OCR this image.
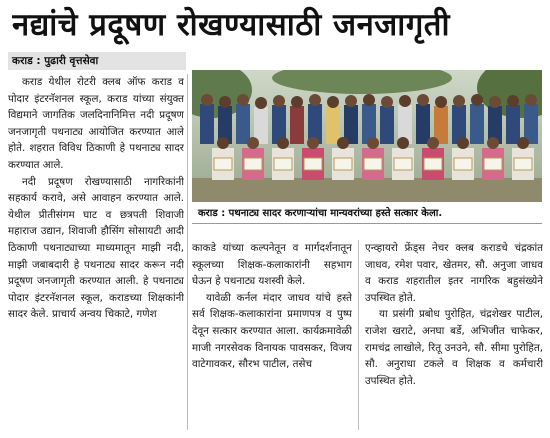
नद्यांचे प्रदूषण रोखण्यासाठी जनजागृती
कराड : पुढारी वृत्तसेवा

कराड येथील रोटरी क्लब ऑफ कराड व पोदार इंटरनॅशनल स्कूल, कराड यांच्या संयुक्त विद्यमाने जागतिक जलदिनानिमित्त नदी प्रदूषण जनजागृती पथनाट्य आयोजित करण्यात आले होते. शहरात विविध ठिकाणी हे पथनाट्य सादर करण्यात आले.

नदी प्रदूषण रोखण्यासाठी नागरिकांनी सहकार्य करावे, असे आवाहन करण्यात आले. येथील प्रीतीसंगम घाट व छत्रपती शिवाजी महाराज उद्यान, शिवाजी हौसिंग सोसायटी आदी ठिकाणी पथनाट्याच्या माध्यमातून माझी नदी, माझी जबाबदारी हे पथनाट्य सादर करून नदी प्रदूषण जनजागृती करण्यात आली. हे पथनाट्य पोदार इंटरनॅशनल स्कूल, कराडच्या शिक्षकांनी सादर केले. प्राचार्य अन्वय चिकाटे, गणेश

कराड : पथनाट्य सादर करणाऱ्यांचा मान्यवरांच्या हस्ते सत्कार केला.

काकडे यांच्या कल्पनेतून व मार्गदर्शनातून स्कूलच्या शिक्षक-कलाकारांनी सहभाग घेऊन हे पथनाट्य यशस्वी केले.

यावेळी कर्नल मंदार जाधव यांचे हस्ते सर्व शिक्षक-कलाकारांना प्रमाणपत्र व पुष्प देवून सत्कार करण्यात आला. कार्यक्रमावेळी माजी नगरसेवक विनायक पावसकर, विजय वाटेगावकर, सौरभ पाटील, तसेच

एन्व्हायरो फ्रेंड्स नेचर क्लब कराडचे चंद्रकांत जाधव, रमेश पवार, खेतमर, सौ. अनुजा जाधव व कराड शहरातील इतर नागरिक बहुसंख्येने उपस्थित होते.

या प्रसंगी प्रबोध पुरोहित, चंद्रशेखर पाटील, राजेश खराटे, अनघा बर्डे, अभिजीत चाफेकर, रामचंद्र लाखोले, रितू उनउने, सौ. सीमा पुरोहित, सौ. अनुराधा टकले व शिक्षक व कर्मचारी उपस्थित होते.
